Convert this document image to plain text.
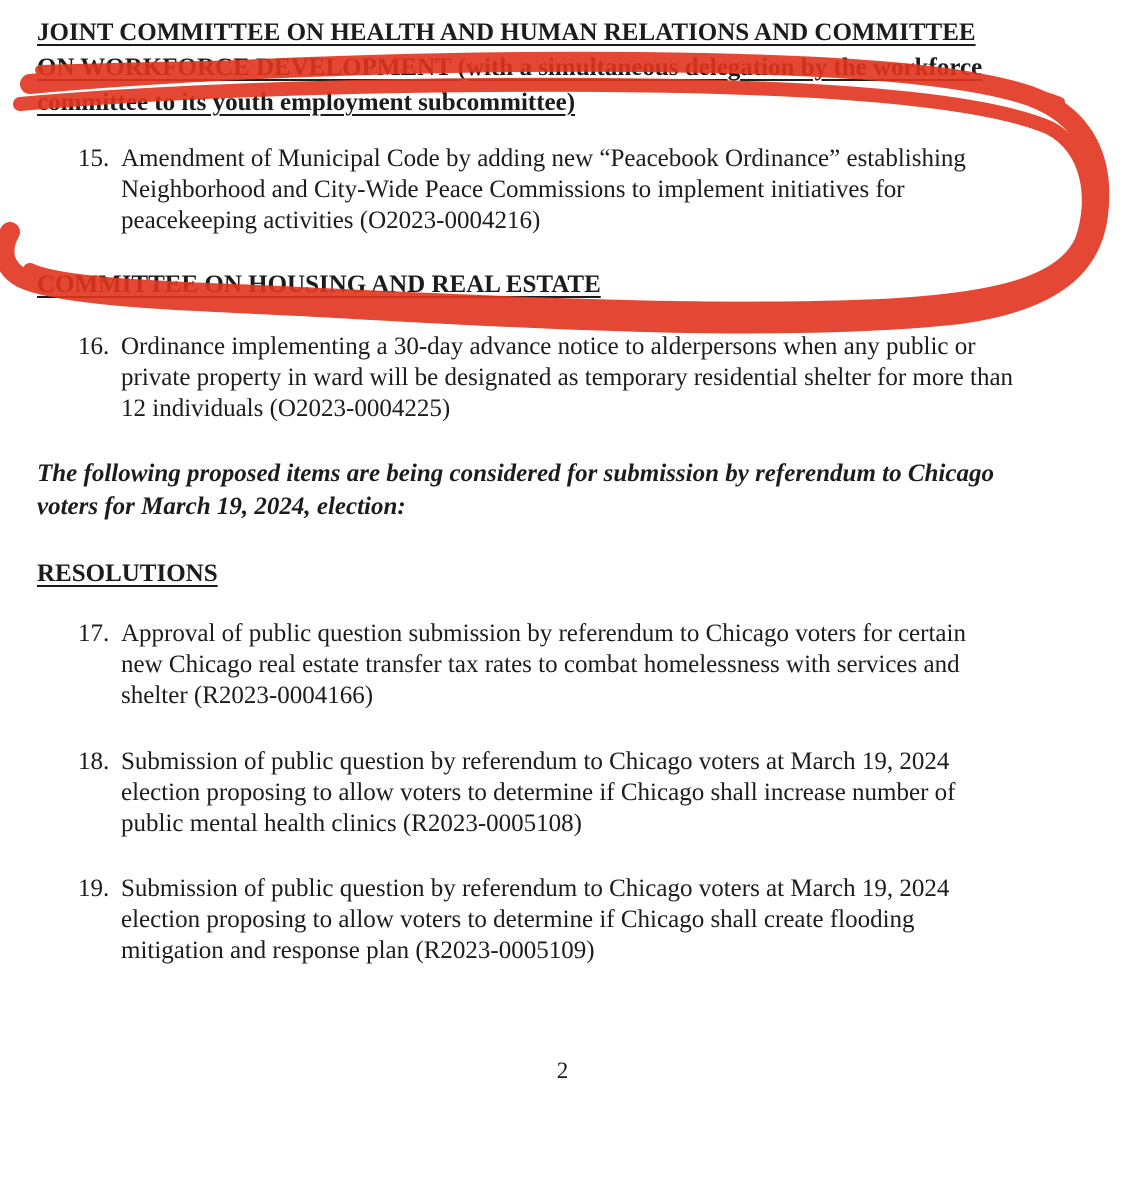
JOINT COMMITTEE ON HEALTH AND HUMAN RELATIONS AND COMMITTEE
ON WORKFORCE DEVELOPMENT (with a simultaneous delegation by the workforce
committee to its youth employment subcommittee)
15. Amendment of Municipal Code by adding new “Peacebook Ordinance” establishing
Neighborhood and City-Wide Peace Commissions to implement initiatives for
peacekeeping activities (O2023-0004216)
COMMITTEE ON HOUSING AND REAL ESTATE
16. Ordinance implementing a 30-day advance notice to alderpersons when any public or
private property in ward will be designated as temporary residential shelter for more than
12 individuals (O2023-0004225)
The following proposed items are being considered for submission by referendum to Chicago
voters for March 19, 2024, election:
RESOLUTIONS
17. Approval of public question submission by referendum to Chicago voters for certain
new Chicago real estate transfer tax rates to combat homelessness with services and
shelter (R2023-0004166)
18. Submission of public question by referendum to Chicago voters at March 19, 2024
election proposing to allow voters to determine if Chicago shall increase number of
public mental health clinics (R2023-0005108)
19. Submission of public question by referendum to Chicago voters at March 19, 2024
election proposing to allow voters to determine if Chicago shall create flooding
mitigation and response plan (R2023-0005109)
2
